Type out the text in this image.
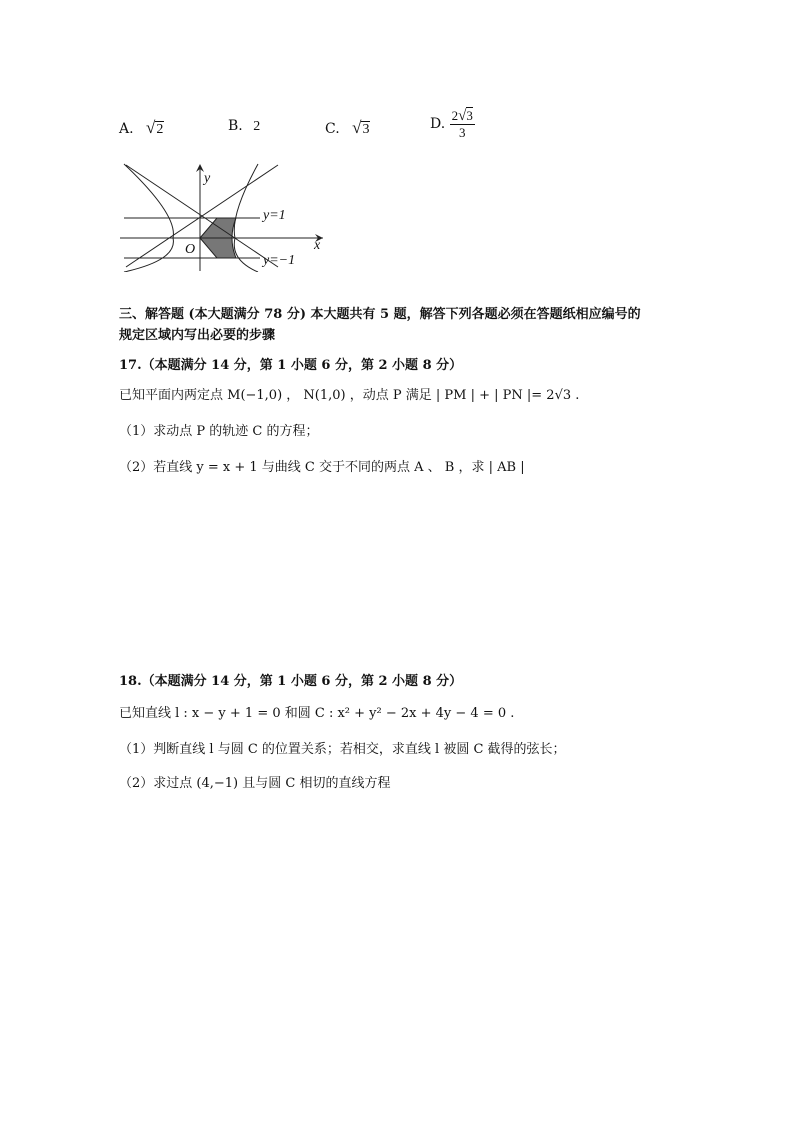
A. √2	B. 2	C. √3	D. $\frac{2√3}{3}$
y
x
O
y=1
y=−1
三、解答题 (本大题满分 78 分) 本大题共有 5 题，解答下列各题必须在答题纸相应编号的
规定区域内写出必要的步骤
17.（本题满分 14 分，第 1 小题 6 分，第 2 小题 8 分）
已知平面内两定点 M(−1,0) ， N(1,0) ，动点 P 满足 | PM | + | PN |= 2√3 .
（1）求动点 P 的轨迹 C 的方程；
（2）若直线 y = x + 1 与曲线 C 交于不同的两点 A 、 B ，求 | AB |
18.（本题满分 14 分，第 1 小题 6 分，第 2 小题 8 分）
已知直线 l : x − y + 1 = 0 和圆 C : x² + y² − 2x + 4y − 4 = 0 .
（1）判断直线 l 与圆 C 的位置关系；若相交，求直线 l 被圆 C 截得的弦长；
（2）求过点 (4,−1) 且与圆 C 相切的直线方程
